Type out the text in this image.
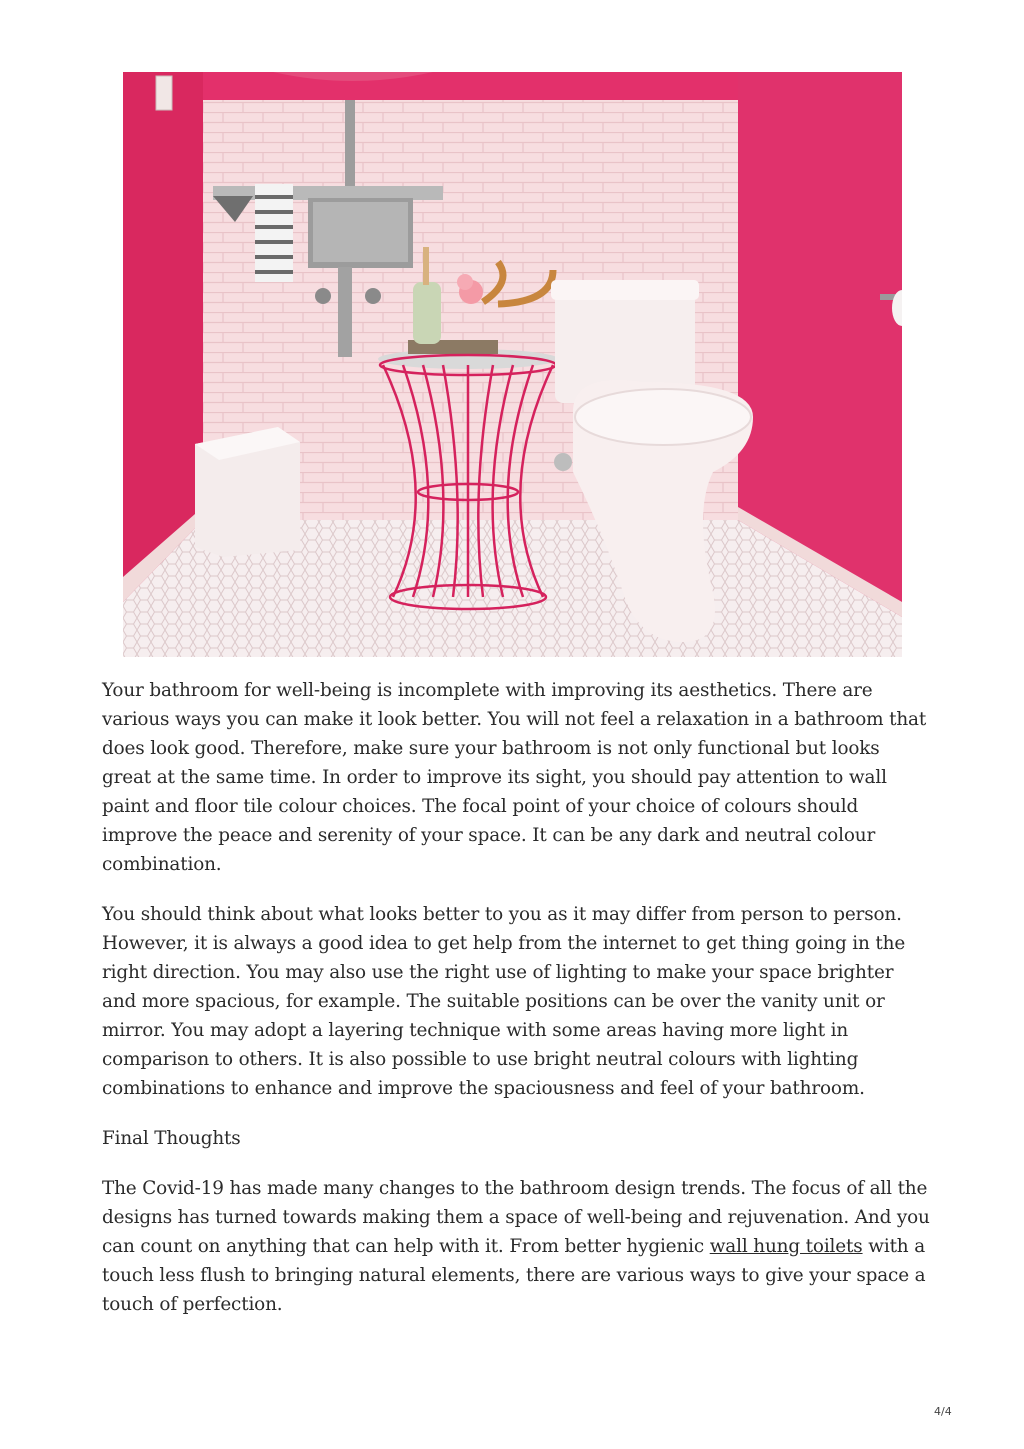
Your bathroom for well-being is incomplete with improving its aesthetics. There are various ways you can make it look better. You will not feel a relaxation in a bathroom that does look good. Therefore, make sure your bathroom is not only functional but looks great at the same time. In order to improve its sight, you should pay attention to wall paint and floor tile colour choices. The focal point of your choice of colours should improve the peace and serenity of your space. It can be any dark and neutral colour combination.

You should think about what looks better to you as it may differ from person to person. However, it is always a good idea to get help from the internet to get thing going in the right direction. You may also use the right use of lighting to make your space brighter and more spacious, for example. The suitable positions can be over the vanity unit or mirror. You may adopt a layering technique with some areas having more light in comparison to others. It is also possible to use bright neutral colours with lighting combinations to enhance and improve the spaciousness and feel of your bathroom.

Final Thoughts

The Covid-19 has made many changes to the bathroom design trends. The focus of all the designs has turned towards making them a space of well-being and rejuvenation. And you can count on anything that can help with it. From better hygienic wall hung toilets with a touch less flush to bringing natural elements, there are various ways to give your space a touch of perfection.

4/4
